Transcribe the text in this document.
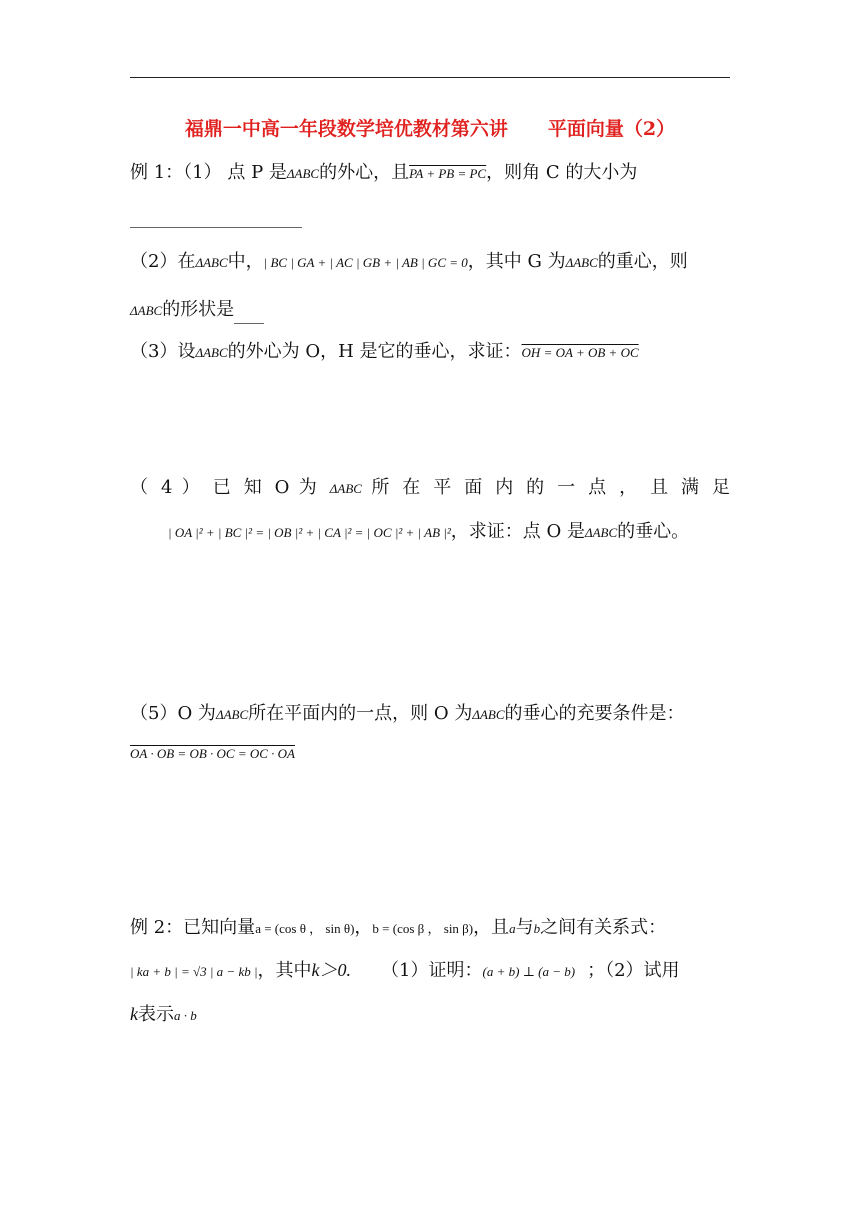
福鼎一中高一年段数学培优教材第六讲 平面向量（2）
例 1：（1） 点 P 是ΔABC的外心，且PA + PB = PC，则角 C 的大小为
（2）在ΔABC中，| BC | GA + | AC | GB + | AB | GC = 0，其中 G 为ΔABC的重心，则
ΔABC的形状是
（3）设ΔABC的外心为 O，H 是它的垂心，求证：OH = OA + OB + OC
（ 4 ） 已 知 O 为 ΔABC 所 在 平 面 内 的 一 点 ， 且 满 足
| OA |² + | BC |² = | OB |² + | CA |² = | OC |² + | AB |²，求证：点 O 是ΔABC的垂心。
（5）O 为ΔABC所在平面内的一点，则 O 为ΔABC的垂心的充要条件是：
OA · OB = OB · OC = OC · OA
例 2：已知向量a = (cos θ ， sin θ)，b = (cos β ， sin β)，且a与b之间有关系式：
| ka + b | = √3 | a − kb |，其中k＞0. （1）证明：(a + b) ⊥ (a − b) ；（2）试用
k表示a · b
